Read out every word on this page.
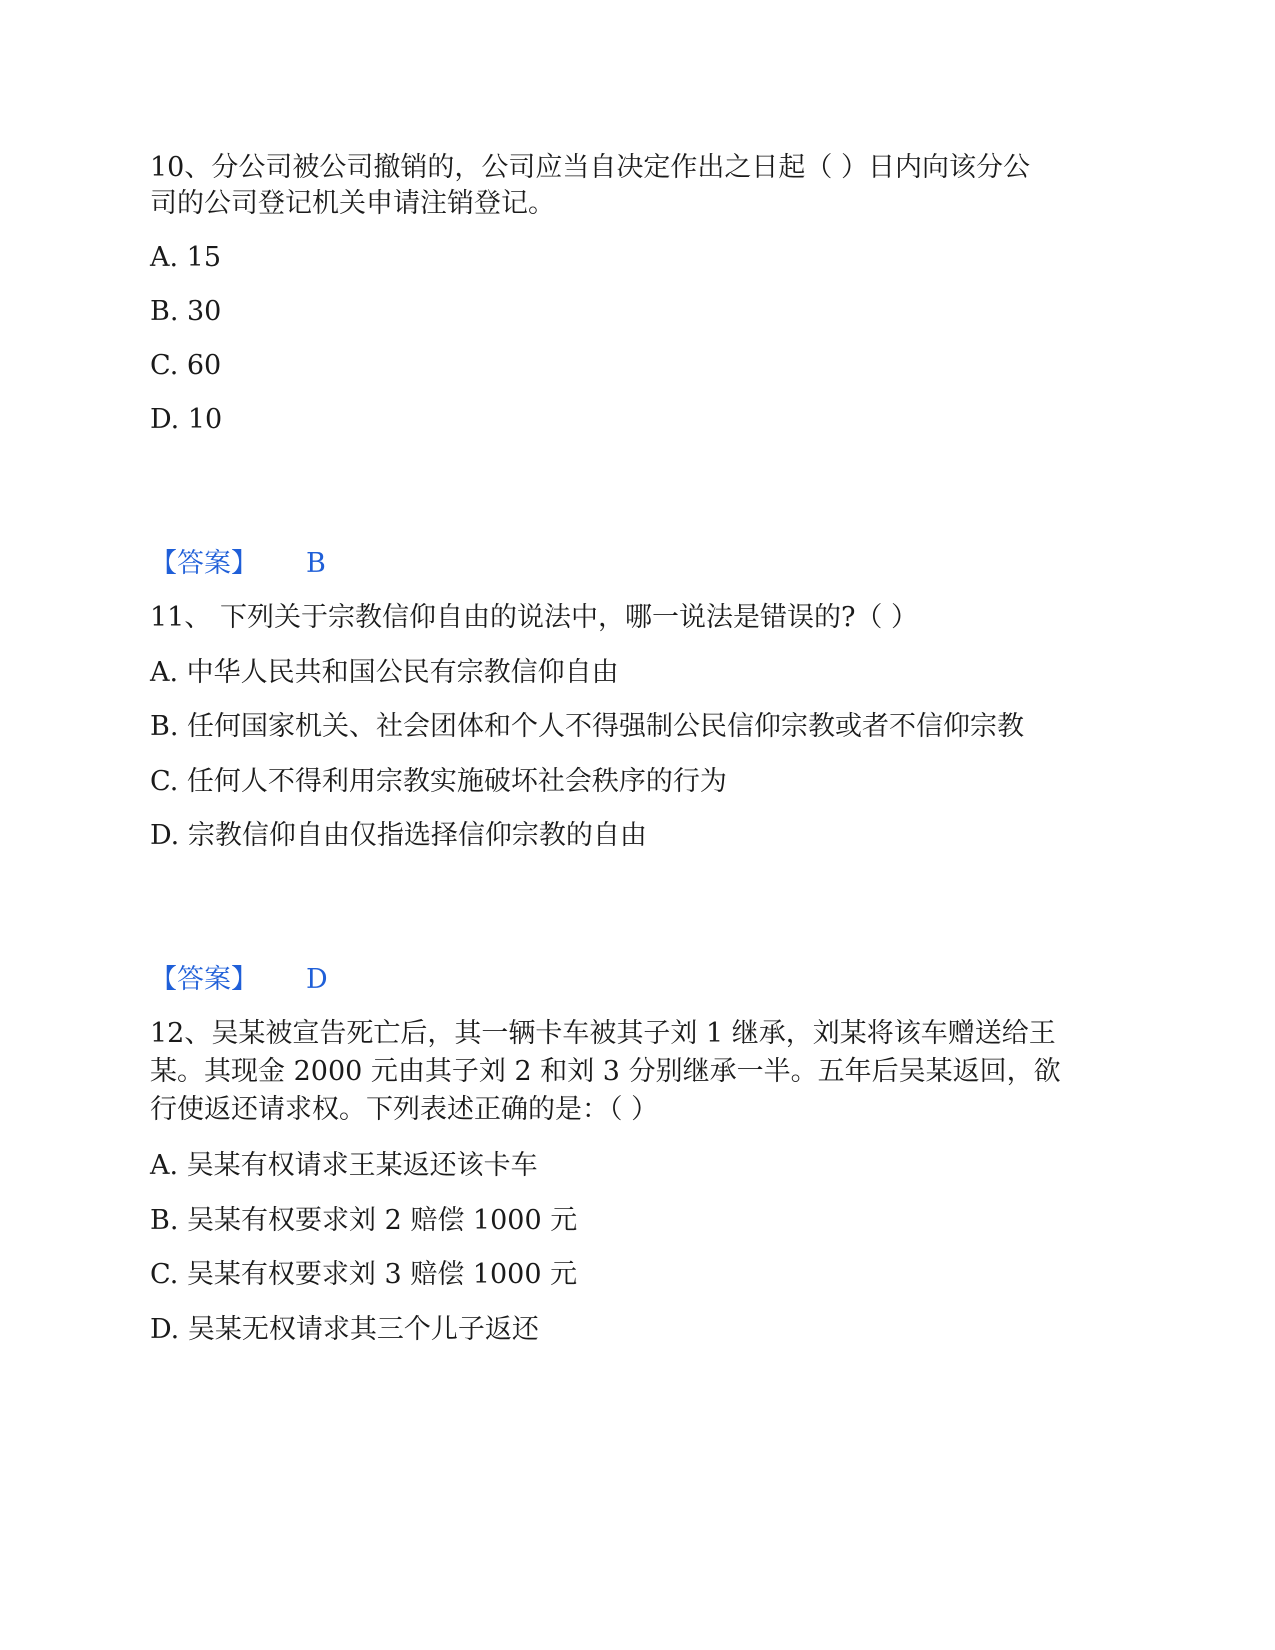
10、分公司被公司撤销的，公司应当自决定作出之日起（ ）日内向该分公
司的公司登记机关申请注销登记。
A. 15
B. 30
C. 60
D. 10
【答案】 B
11、 下列关于宗教信仰自由的说法中，哪一说法是错误的?（ ）
A. 中华人民共和国公民有宗教信仰自由
B. 任何国家机关、社会团体和个人不得强制公民信仰宗教或者不信仰宗教
C. 任何人不得利用宗教实施破坏社会秩序的行为
D. 宗教信仰自由仅指选择信仰宗教的自由
【答案】 D
12、吴某被宣告死亡后，其一辆卡车被其子刘 1 继承，刘某将该车赠送给王
某。其现金 2000 元由其子刘 2 和刘 3 分别继承一半。五年后吴某返回，欲
行使返还请求权。下列表述正确的是：（ ）
A. 吴某有权请求王某返还该卡车
B. 吴某有权要求刘 2 赔偿 1000 元
C. 吴某有权要求刘 3 赔偿 1000 元
D. 吴某无权请求其三个儿子返还
